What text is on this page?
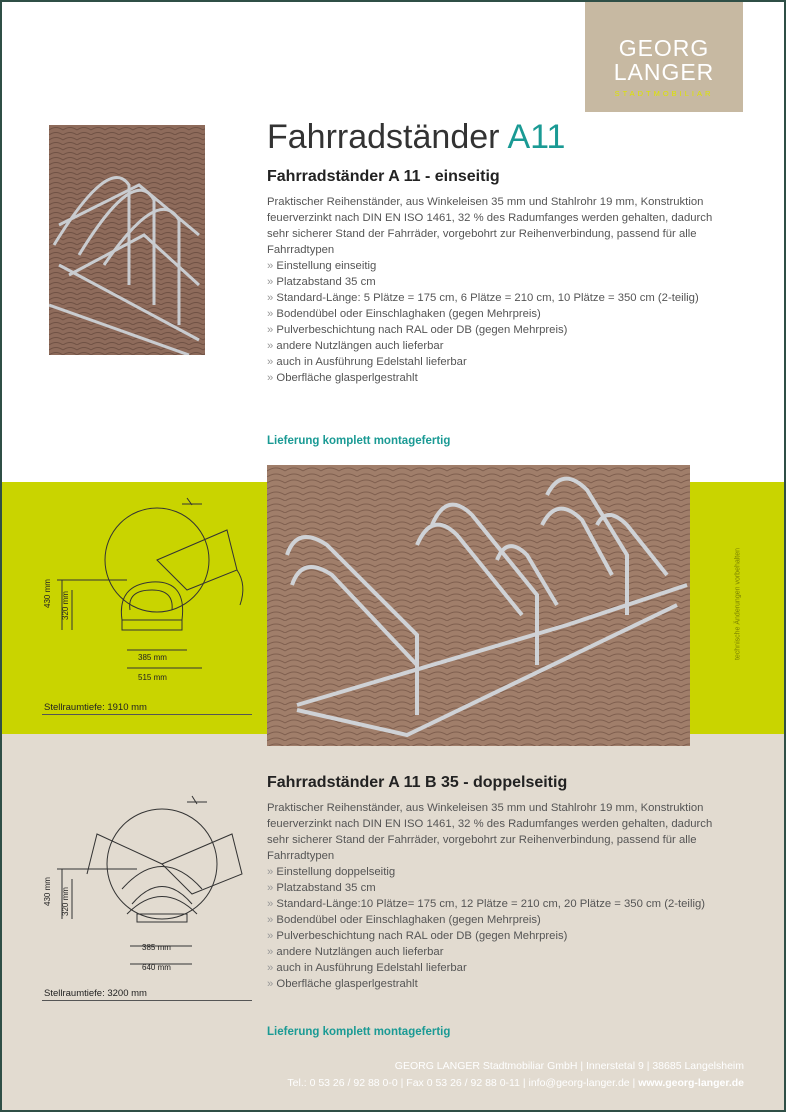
GEORG
LANGER
STADTMOBILIAR
Fahrradständer A11
Fahrradständer A 11 - einseitig

Praktischer Reihenständer, aus Winkeleisen 35 mm und Stahlrohr 19 mm, Konstruktion feuerverzinkt nach DIN EN ISO 1461, 32 % des Radumfanges werden gehalten, dadurch sehr sicherer Stand der Fahrräder, vorgebohrt zur Reihenverbindung, passend für alle Fahrradtypen

» Einstellung einseitig
» Platzabstand 35 cm
» Standard-Länge: 5 Plätze = 175 cm, 6 Plätze = 210 cm, 10 Plätze = 350 cm (2-teilig)
» Bodendübel oder Einschlaghaken (gegen Mehrpreis)
» Pulverbeschichtung nach RAL oder DB (gegen Mehrpreis)
» andere Nutzlängen auch lieferbar
» auch in Ausführung Edelstahl lieferbar
» Oberfläche glasperlgestrahlt
Lieferung komplett montagefertig
technische Änderungen vorbehalten
430 mm 320 mm
385 mm
515 mm
Stellraumtiefe: 1910 mm
Fahrradständer A 11 B 35 - doppelseitig

Praktischer Reihenständer, aus Winkeleisen 35 mm und Stahlrohr 19 mm, Konstruktion feuerverzinkt nach DIN EN ISO 1461, 32 % des Radumfanges werden gehalten, dadurch sehr sicherer Stand der Fahrräder, vorgebohrt zur Reihenverbindung, passend für alle Fahrradtypen

» Einstellung doppelseitig
» Platzabstand 35 cm
» Standard-Länge:10 Plätze= 175 cm, 12 Plätze = 210 cm, 20 Plätze = 350 cm (2-teilig)
» Bodendübel oder Einschlaghaken (gegen Mehrpreis)
» Pulverbeschichtung nach RAL oder DB (gegen Mehrpreis)
» andere Nutzlängen auch lieferbar
» auch in Ausführung Edelstahl lieferbar
» Oberfläche glasperlgestrahlt
Lieferung komplett montagefertig
430 mm 320 mm
385 mm
640 mm
Stellraumtiefe: 3200 mm
GEORG LANGER Stadtmobiliar GmbH | Innerstetal 9 | 38685 Langelsheim
Tel.: 0 53 26 / 92 88 0-0 | Fax 0 53 26 / 92 88 0-11 | info@georg-langer.de | www.georg-langer.de
